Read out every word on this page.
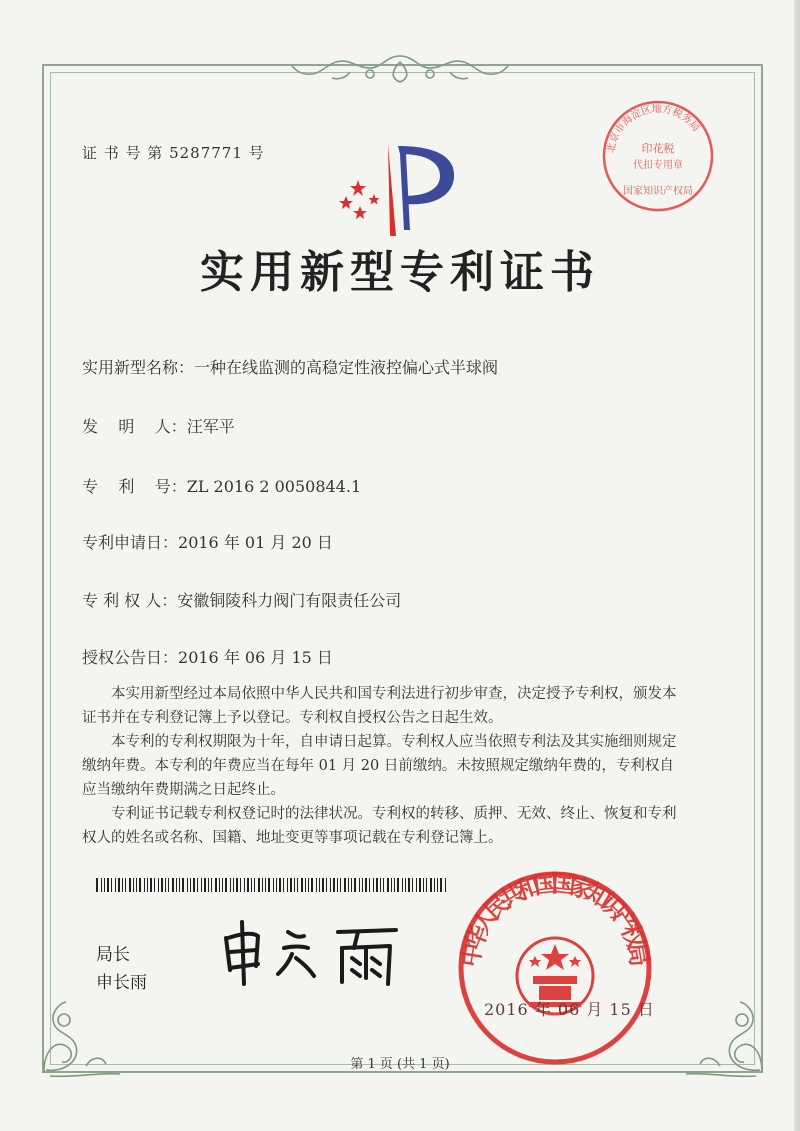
证 书 号 第 5287771 号	北京市海淀区地方税务局
印花税
代扣专用章
国家知识产权局
实用新型专利证书
实用新型名称：一种在线监测的高稳定性液控偏心式半球阀
发    明    人：汪军平
专    利    号：ZL 2016 2 0050844.1
专利申请日：2016 年 01 月 20 日
专 利 权 人：安徽铜陵科力阀门有限责任公司
授权公告日：2016 年 06 月 15 日
本实用新型经过本局依照中华人民共和国专利法进行初步审查，决定授予专利权，颁发本证书并在专利登记簿上予以登记。专利权自授权公告之日起生效。
本专利的专利权期限为十年，自申请日起算。专利权人应当依照专利法及其实施细则规定缴纳年费。本专利的年费应当在每年 01 月 20 日前缴纳。未按照规定缴纳年费的，专利权自应当缴纳年费期满之日起终止。
专利证书记载专利权登记时的法律状况。专利权的转移、质押、无效、终止、恢复和专利权人的姓名或名称、国籍、地址变更等事项记载在专利登记簿上。
局长
申长雨
中华人民共和国国家知识产权局
2016 年 06 月 15 日
第 1 页 (共 1 页)
